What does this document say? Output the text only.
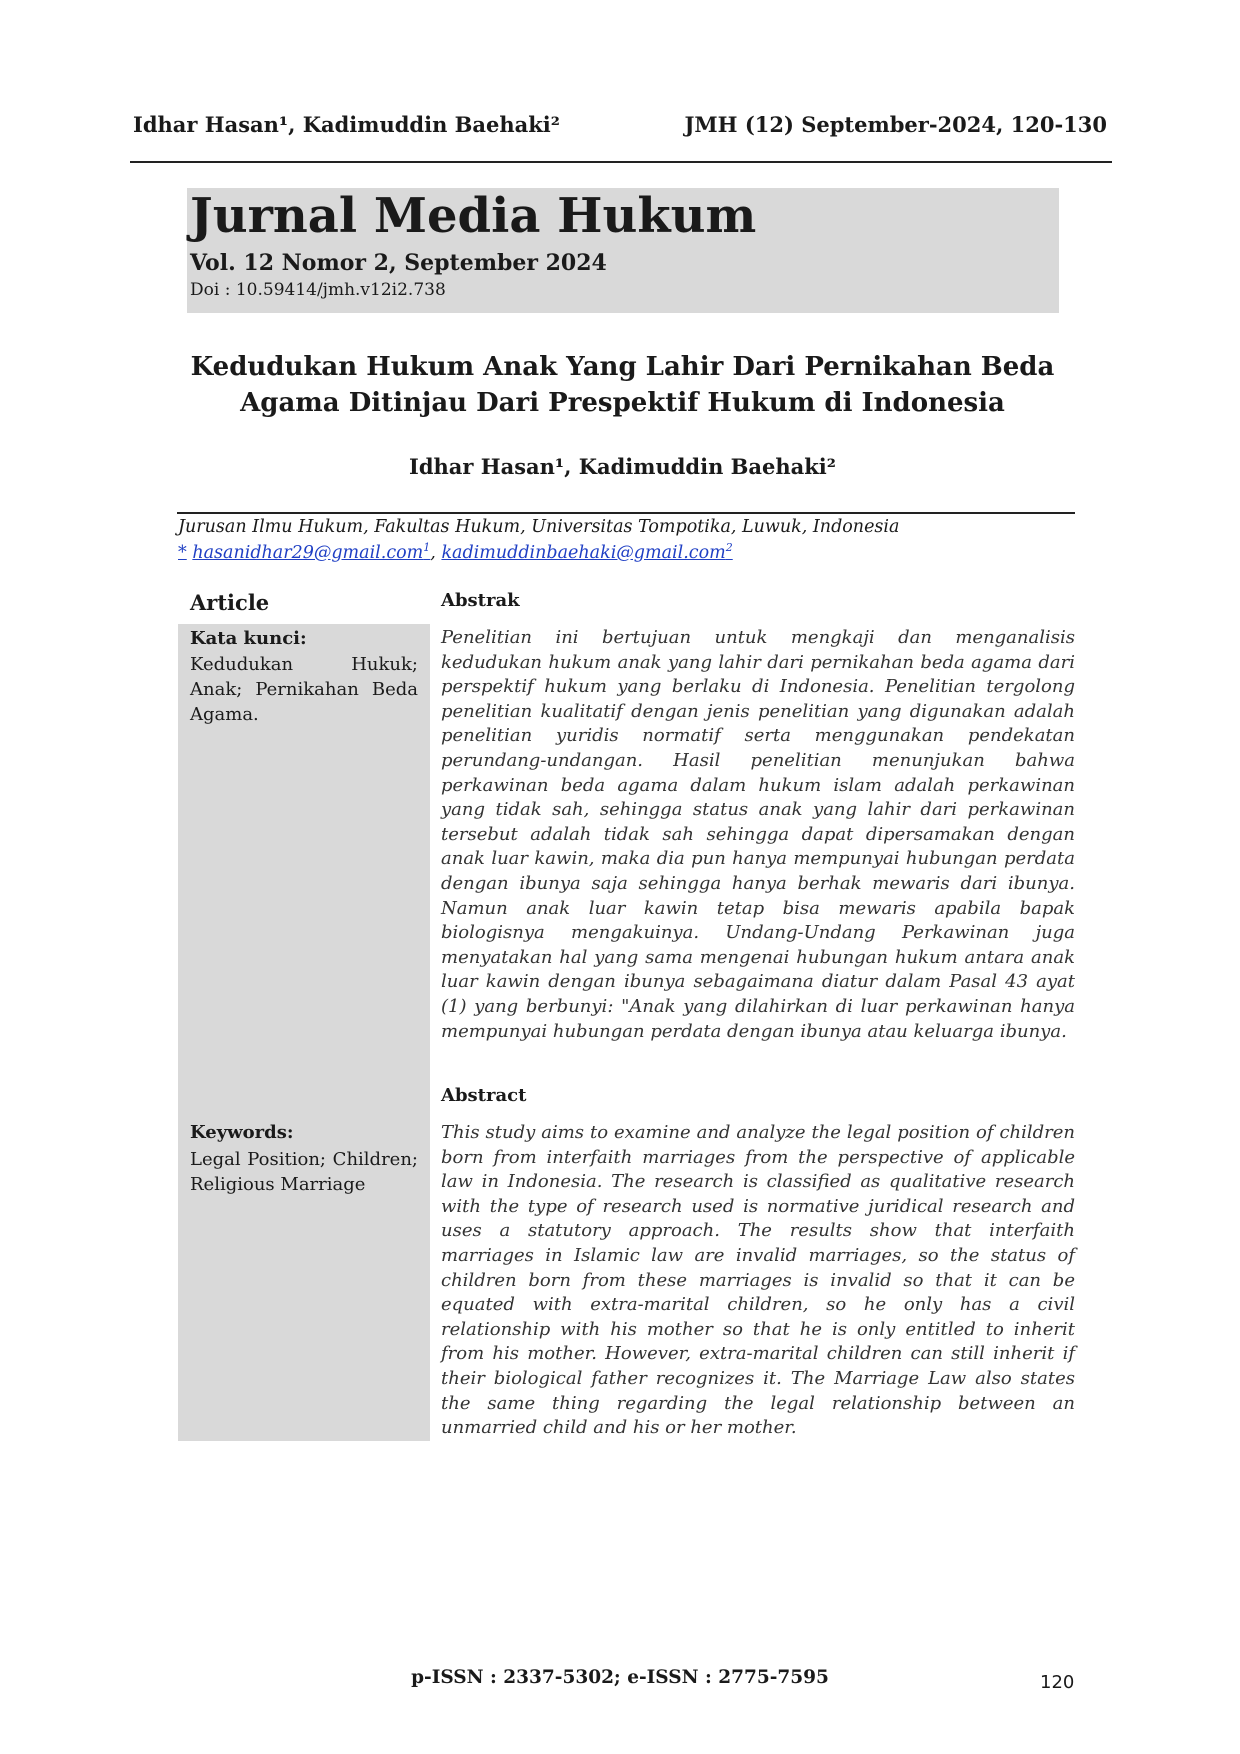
Idhar Hasan¹, Kadimuddin Baehaki²	JMH (12) September-2024, 120-130
Jurnal Media Hukum
Vol. 12 Nomor 2, September 2024
Doi : 10.59414/jmh.v12i2.738
Kedudukan Hukum Anak Yang Lahir Dari Pernikahan Beda
Agama Ditinjau Dari Prespektif Hukum di Indonesia
Idhar Hasan¹, Kadimuddin Baehaki²
Jurusan Ilmu Hukum, Fakultas Hukum, Universitas Tompotika, Luwuk, Indonesia
* hasanidhar29@gmail.com$^1$, kadimuddinbaehaki@gmail.com$^2$
Article	Abstrak
Kata kunci:
Kedudukan Hukuk; Anak; Pernikahan Beda Agama.
Penelitian ini bertujuan untuk mengkaji dan menganalisis kedudukan hukum anak yang lahir dari pernikahan beda agama dari perspektif hukum yang berlaku di Indonesia. Penelitian tergolong penelitian kualitatif dengan jenis penelitian yang digunakan adalah penelitian yuridis normatif serta menggunakan pendekatan perundang-undangan. Hasil penelitian menunjukan bahwa perkawinan beda agama dalam hukum islam adalah perkawinan yang tidak sah, sehingga status anak yang lahir dari perkawinan tersebut adalah tidak sah sehingga dapat dipersamakan dengan anak luar kawin, maka dia pun hanya mempunyai hubungan perdata dengan ibunya saja sehingga hanya berhak mewaris dari ibunya. Namun anak luar kawin tetap bisa mewaris apabila bapak biologisnya mengakuinya. Undang-Undang Perkawinan juga menyatakan hal yang sama mengenai hubungan hukum antara anak luar kawin dengan ibunya sebagaimana diatur dalam Pasal 43 ayat (1) yang berbunyi: "Anak yang dilahirkan di luar perkawinan hanya mempunyai hubungan perdata dengan ibunya atau keluarga ibunya.
Abstract
Keywords:
Legal Position; Children; Religious Marriage
This study aims to examine and analyze the legal position of children born from interfaith marriages from the perspective of applicable law in Indonesia. The research is classified as qualitative research with the type of research used is normative juridical research and uses a statutory approach. The results show that interfaith marriages in Islamic law are invalid marriages, so the status of children born from these marriages is invalid so that it can be equated with extra-marital children, so he only has a civil relationship with his mother so that he is only entitled to inherit from his mother. However, extra-marital children can still inherit if their biological father recognizes it. The Marriage Law also states the same thing regarding the legal relationship between an unmarried child and his or her mother.
p-ISSN : 2337-5302; e-ISSN : 2775-7595	120
